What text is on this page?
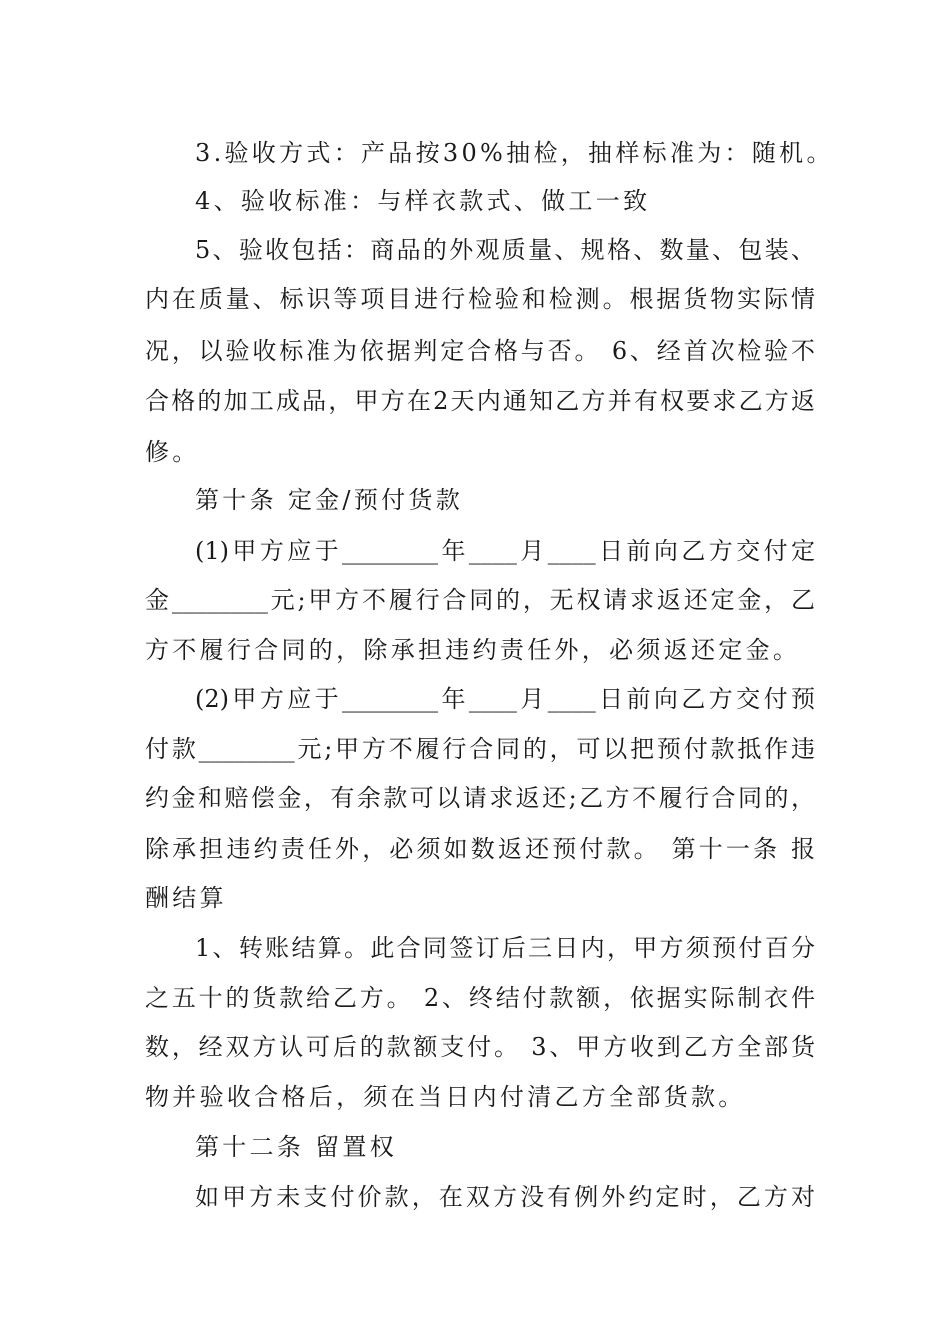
3.验收方式：产品按30%抽检，抽样标准为：随机。
4、验收标准：与样衣款式、做工一致
5、验收包括：商品的外观质量、规格、数量、包装、
内在质量、标识等项目进行检验和检测。根据货物实际情
况，以验收标准为依据判定合格与否。 6、经首次检验不
合格的加工成品，甲方在2天内通知乙方并有权要求乙方返
修。
第十条 定金/预付货款
(1)甲方应于________年____月____日前向乙方交付定
金________元;甲方不履行合同的，无权请求返还定金，乙
方不履行合同的，除承担违约责任外，必须返还定金。
(2)甲方应于________年____月____日前向乙方交付预
付款________元;甲方不履行合同的，可以把预付款抵作违
约金和赔偿金，有余款可以请求返还;乙方不履行合同的，
除承担违约责任外，必须如数返还预付款。 第十一条 报
酬结算
1、转账结算。此合同签订后三日内，甲方须预付百分
之五十的货款给乙方。 2、终结付款额，依据实际制衣件
数，经双方认可后的款额支付。 3、甲方收到乙方全部货
物并验收合格后，须在当日内付清乙方全部货款。
第十二条 留置权
如甲方未支付价款，在双方没有例外约定时，乙方对
